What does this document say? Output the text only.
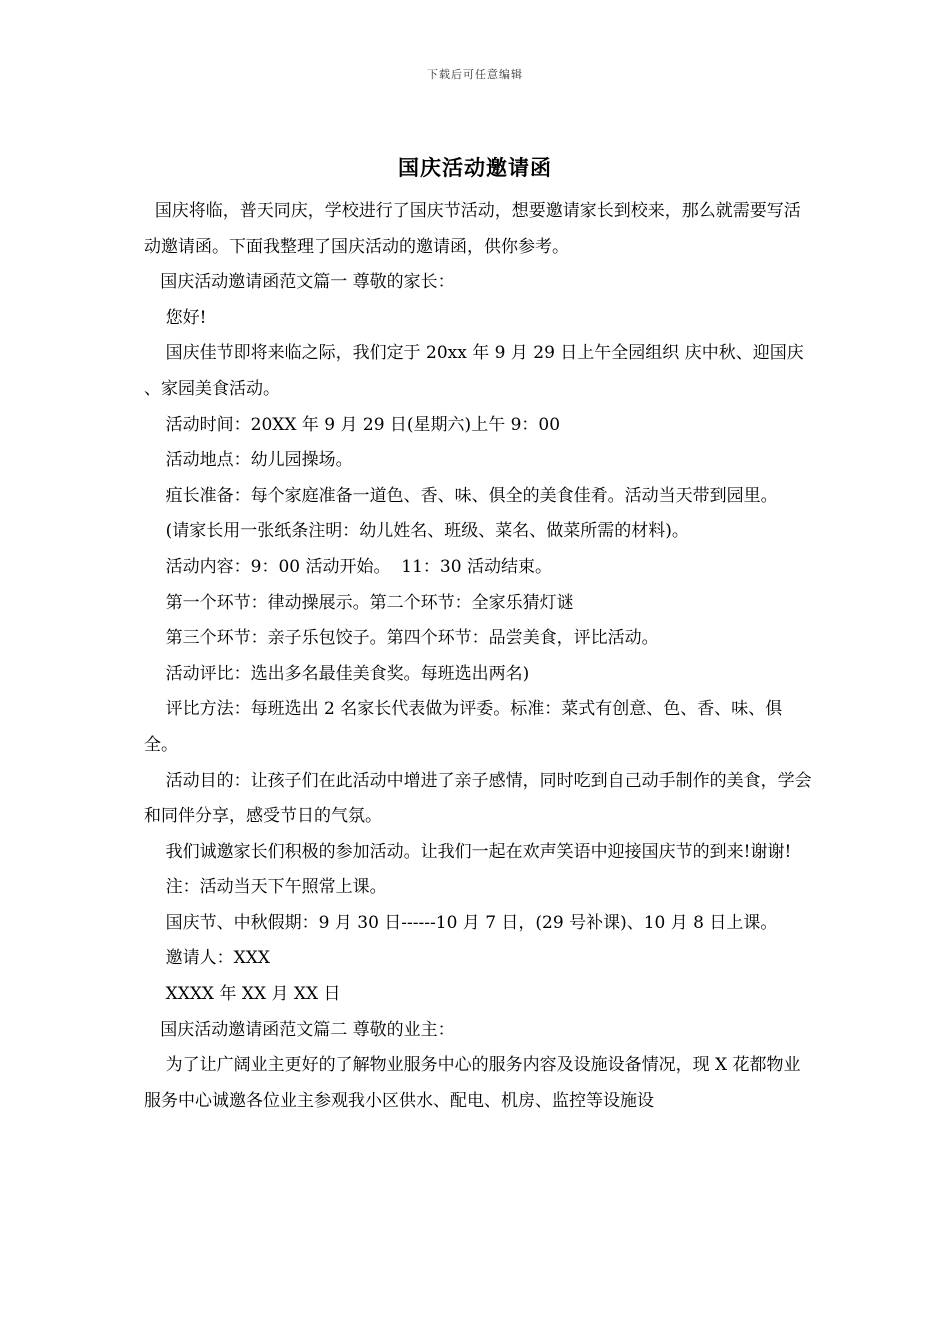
下载后可任意编辑
国庆活动邀请函

国庆将临，普天同庆，学校进行了国庆节活动，想要邀请家长到校来，那么就需要写活动邀请函。下面我整理了国庆活动的邀请函，供你参考。

国庆活动邀请函范文篇一 尊敬的家长：

您好!

国庆佳节即将来临之际，我们定于 20xx 年 9 月 29 日上午全园组织 庆中秋、迎国庆 、家园美食活动。

活动时间：20XX 年 9 月 29 日(星期六)上午 9：00

活动地点：幼儿园操场。

疽长准备：每个家庭准备一道色、香、味、俱全的美食佳肴。活动当天带到园里。

(请家长用一张纸条注明：幼儿姓名、班级、菜名、做菜所需的材料)。

活动内容：9：00 活动开始。  11：30 活动结束。

第一个环节：律动操展示。第二个环节：全家乐猜灯谜

第三个环节：亲子乐包饺子。第四个环节：品尝美食，评比活动。

活动评比：选出多名最佳美食奖。每班选出两名)

评比方法：每班选出 2 名家长代表做为评委。标准：菜式有创意、色、香、味、俱全。

活动目的：让孩子们在此活动中增进了亲子感情，同时吃到自己动手制作的美食，学会和同伴分享，感受节日的气氛。

我们诚邀家长们积极的参加活动。让我们一起在欢声笑语中迎接国庆节的到来!谢谢!

注：活动当天下午照常上课。

国庆节、中秋假期：9 月 30 日------10 月 7 日，(29 号补课)、10 月 8 日上课。

邀请人：XXX

XXXX 年 XX 月 XX 日

国庆活动邀请函范文篇二 尊敬的业主：

为了让广阔业主更好的了解物业服务中心的服务内容及设施设备情况，现 X 花都物业服务中心诚邀各位业主参观我小区供水、配电、机房、监控等设施设
